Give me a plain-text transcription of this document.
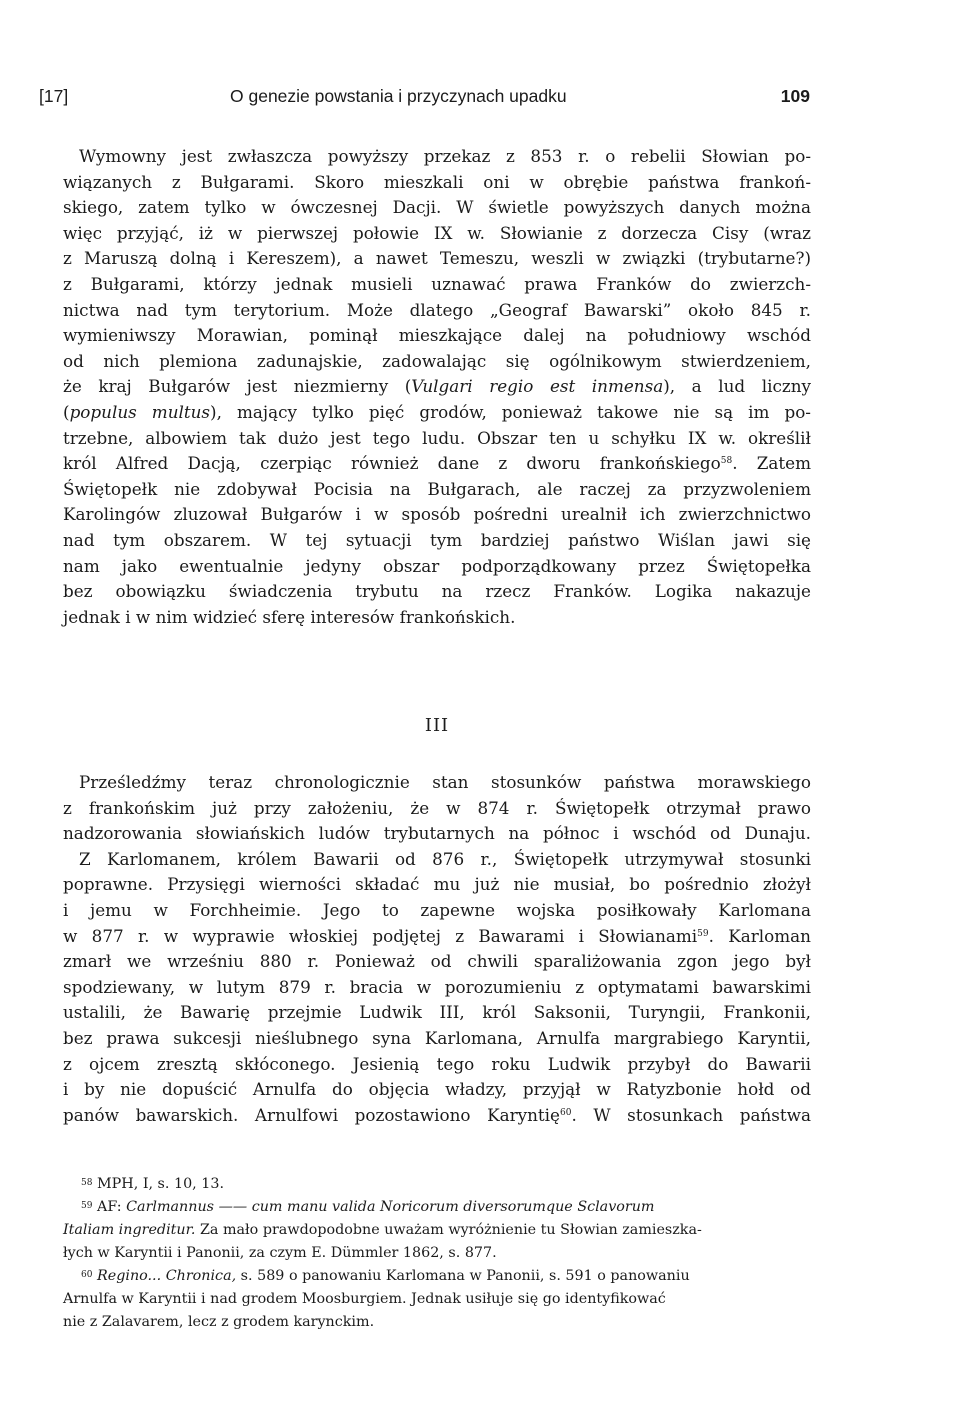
[17]	O genezie powstania i przyczynach upadku	109
Wymowny jest zwłaszcza powyższy przekaz z 853 r. o rebelii Słowian po-
wiązanych z Bułgarami. Skoro mieszkali oni w obrębie państwa frankoń-
skiego, zatem tylko w ówczesnej Dacji. W świetle powyższych danych można
więc przyjąć, iż w pierwszej połowie IX w. Słowianie z dorzecza Cisy (wraz
z Maruszą dolną i Kereszem), a nawet Temeszu, weszli w związki (trybutarne?)
z Bułgarami, którzy jednak musieli uznawać prawa Franków do zwierzch-
nictwa nad tym terytorium. Może dlatego „Geograf Bawarski” około 845 r.
wymieniwszy Morawian, pominął mieszkające dalej na południowy wschód
od nich plemiona zadunajskie, zadowalając się ogólnikowym stwierdzeniem,
że kraj Bułgarów jest niezmierny (Vulgari regio est inmensa), a lud liczny
(populus multus), mający tylko pięć grodów, ponieważ takowe nie są im po-
trzebne, albowiem tak dużo jest tego ludu. Obszar ten u schyłku IX w. określił
król Alfred Dacją, czerpiąc również dane z dworu frankońskiego$^{58}$. Zatem
Świętopełk nie zdobywał Pocisia na Bułgarach, ale raczej za przyzwoleniem
Karolingów zluzował Bułgarów i w sposób pośredni urealnił ich zwierzchnictwo
nad tym obszarem. W tej sytuacji tym bardziej państwo Wiślan jawi się
nam jako ewentualnie jedyny obszar podporządkowany przez Świętopełka
bez obowiązku świadczenia trybutu na rzecz Franków. Logika nakazuje
jednak i w nim widzieć sferę interesów frankońskich.
III
Prześledźmy teraz chronologicznie stan stosunków państwa morawskiego
z frankońskim już przy założeniu, że w 874 r. Świętopełk otrzymał prawo
nadzorowania słowiańskich ludów trybutarnych na północ i wschód od Dunaju.
Z Karlomanem, królem Bawarii od 876 r., Świętopełk utrzymywał stosunki
poprawne. Przysięgi wierności składać mu już nie musiał, bo pośrednio złożył
i jemu w Forchheimie. Jego to zapewne wojska posiłkowały Karlomana
w 877 r. w wyprawie włoskiej podjętej z Bawarami i Słowianami$^{59}$. Karloman
zmarł we wrześniu 880 r. Ponieważ od chwili sparaliżowania zgon jego był
spodziewany, w lutym 879 r. bracia w porozumieniu z optymatami bawarskimi
ustalili, że Bawarię przejmie Ludwik III, król Saksonii, Turyngii, Frankonii,
bez prawa sukcesji nieślubnego syna Karlomana, Arnulfa margrabiego Karyntii,
z ojcem zresztą skłóconego. Jesienią tego roku Ludwik przybył do Bawarii
i by nie dopuścić Arnulfa do objęcia władzy, przyjął w Ratyzbonie hołd od
panów bawarskich. Arnulfowi pozostawiono Karyntię$^{60}$. W stosunkach państwa
$^{58}$ MPH, I, s. 10, 13.
$^{59}$ AF: Carlmannus —— cum manu valida Noricorum diversorumque Sclavorum
Italiam ingreditur. Za mało prawdopodobne uważam wyróżnienie tu Słowian zamieszka-
łych w Karyntii i Panonii, za czym E. Dümmler 1862, s. 877.
$^{60}$ Regino... Chronica, s. 589 o panowaniu Karlomana w Panonii, s. 591 o panowaniu
Arnulfa w Karyntii i nad grodem Moosburgiem. Jednak usiłuje się go identyfikować
nie z Zalavarem, lecz z grodem karynckim.
